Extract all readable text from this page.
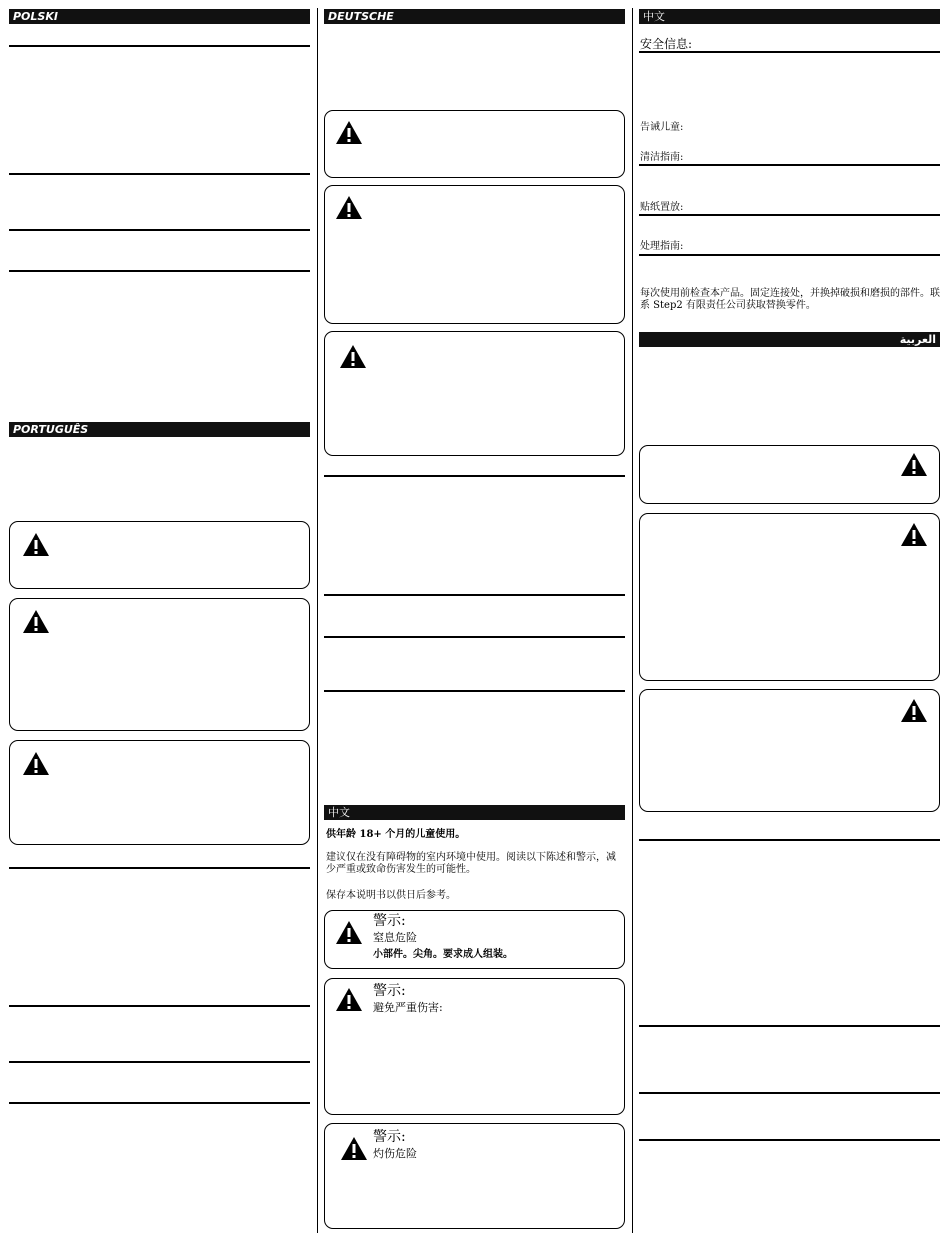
POLSKI
PORTUGUÊS
DEUTSCHE
中文
供年龄 18+ 个月的儿童使用。
建议仅在没有障碍物的室内环境中使用。阅读以下陈述和警示，减少严重或致命伤害发生的可能性。
保存本说明书以供日后参考。
警示:
窒息危险
小部件。尖角。要求成人组装。
警示:
避免严重伤害:
警示:
灼伤危险
中文
安全信息:
告诫儿童:
清洁指南:
贴纸置放:
处理指南:
每次使用前检查本产品。固定连接处，并换掉破损和磨损的部件。联系 Step2 有限责任公司获取替换零件。
العربية
